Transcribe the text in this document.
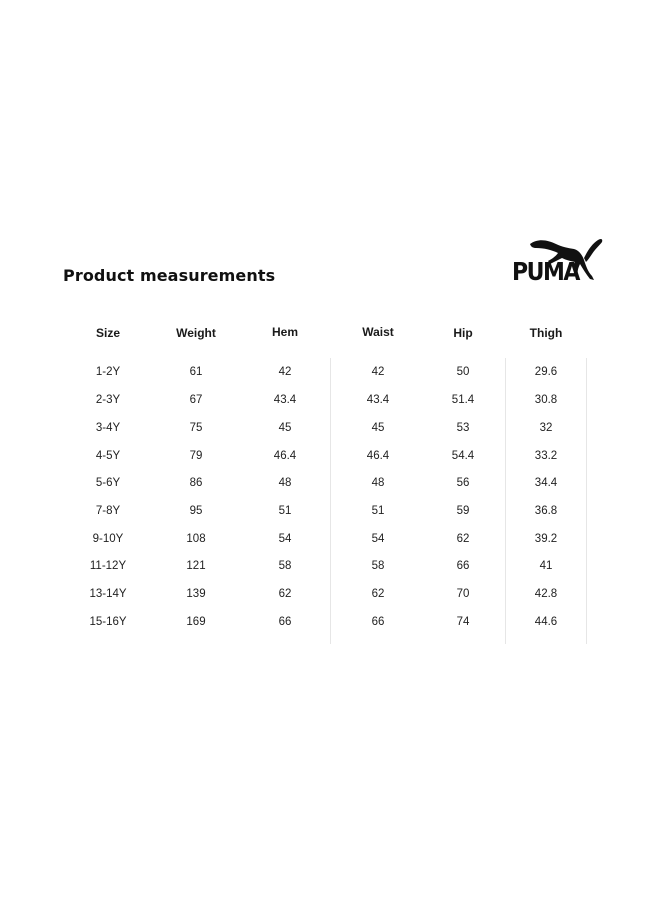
Product measurements	PUMA
Size	Weight	Hem	Waist	Hip	Thigh
1-2Y	61	42	42	50	29.6
2-3Y	67	43.4	43.4	51.4	30.8
3-4Y	75	45	45	53	32
4-5Y	79	46.4	46.4	54.4	33.2
5-6Y	86	48	48	56	34.4
7-8Y	95	51	51	59	36.8
9-10Y	108	54	54	62	39.2
11-12Y	121	58	58	66	41
13-14Y	139	62	62	70	42.8
15-16Y	169	66	66	74	44.6
